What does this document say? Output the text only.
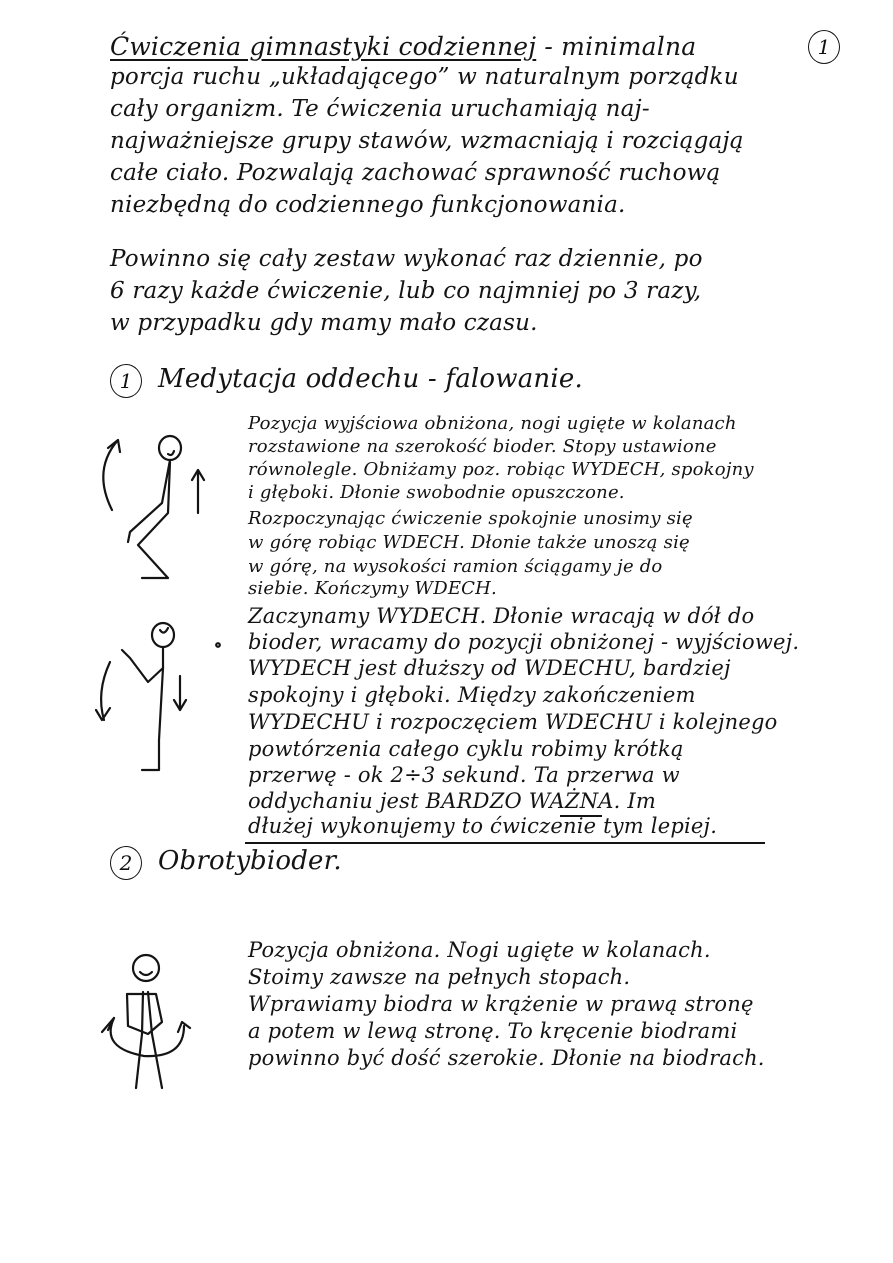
Ćwiczenia gimnastyki codziennej - minimalna	1
porcja ruchu „układającego” w naturalnym porządku
cały organizm. Te ćwiczenia uruchamiają naj-
najważniejsze grupy stawów, wzmacniają i rozciągają
całe ciało. Pozwalają zachować sprawność ruchową
niezbędną do codziennego funkcjonowania.
Powinno się cały zestaw wykonać raz dziennie, po
6 razy każde ćwiczenie, lub co najmniej po 3 razy,
w przypadku gdy mamy mało czasu.
1 Medytacja oddechu - falowanie.
Pozycja wyjściowa obniżona, nogi ugięte w kolanach
rozstawione na szerokość bioder. Stopy ustawione
równolegle. Obniżamy poz. robiąc WYDECH, spokojny
i głęboki. Dłonie swobodnie opuszczone.
Rozpoczynając ćwiczenie spokojnie unosimy się
w górę robiąc WDECH. Dłonie także unoszą się
w górę, na wysokości ramion ściągamy je do
siebie. Kończymy WDECH.
Zaczynamy WYDECH. Dłonie wracają w dół do
bioder, wracamy do pozycji obniżonej - wyjściowej.
WYDECH jest dłuższy od WDECHU, bardziej
spokojny i głęboki. Między zakończeniem
WYDECHU i rozpoczęciem WDECHU i kolejnego
powtórzenia całego cyklu robimy krótką
przerwę - ok 2÷3 sekund. Ta przerwa w
oddychaniu jest BARDZO WAŻNA. Im
dłużej wykonujemy to ćwiczenie tym lepiej.
2 Obroty bioder.
Pozycja obniżona. Nogi ugięte w kolanach.
Stoimy zawsze na pełnych stopach.
Wprawiamy biodra w krążenie w prawą stronę
a potem w lewą stronę. To kręcenie biodrami
powinno być dość szerokie. Dłonie na biodrach.
